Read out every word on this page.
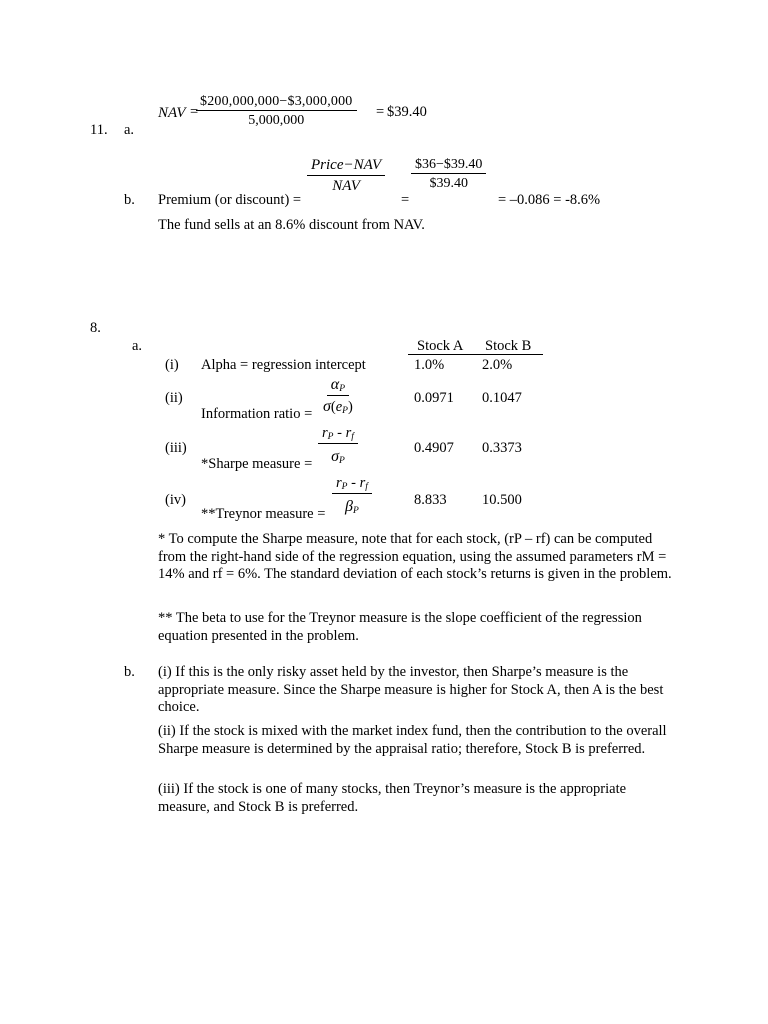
11. a.
NAV =
$\frac{\$200,000,000-\$3,000,000}{5,000,000}$ = $39.40
b. Premium (or discount) =
Price−NAV
NAV
=
$\frac{\$36-\$39.40}{\$39.40}$
= –0.086 = -8.6%
The fund sells at an 8.6% discount from NAV.
8.
a.	Stock A Stock B
(i) Alpha = regression intercept	1.0%	2.0%
(ii)
Information ratio = $\frac{\alpha_P}{\sigma(e_P)}$	0.0971 0.1047
(iii)
*Sharpe measure = $\frac{r_P - r_f}{\sigma_P}$	0.4907 0.3373
(iv)
**Treynor measure = $\frac{r_P - r_f}{\beta_P}$	8.833 10.500
* To compute the Sharpe measure, note that for each stock, (rP – rf) can be computed from the right-hand side of the regression equation, using the assumed parameters rM = 14% and rf = 6%. The standard deviation of each stock’s returns is given in the problem.
** The beta to use for the Treynor measure is the slope coefficient of the regression equation presented in the problem.
b. (i) If this is the only risky asset held by the investor, then Sharpe’s measure is the appropriate measure. Since the Sharpe measure is higher for Stock A, then A is the best choice.
(ii) If the stock is mixed with the market index fund, then the contribution to the overall Sharpe measure is determined by the appraisal ratio; therefore, Stock B is preferred.
(iii) If the stock is one of many stocks, then Treynor’s measure is the appropriate measure, and Stock B is preferred.
